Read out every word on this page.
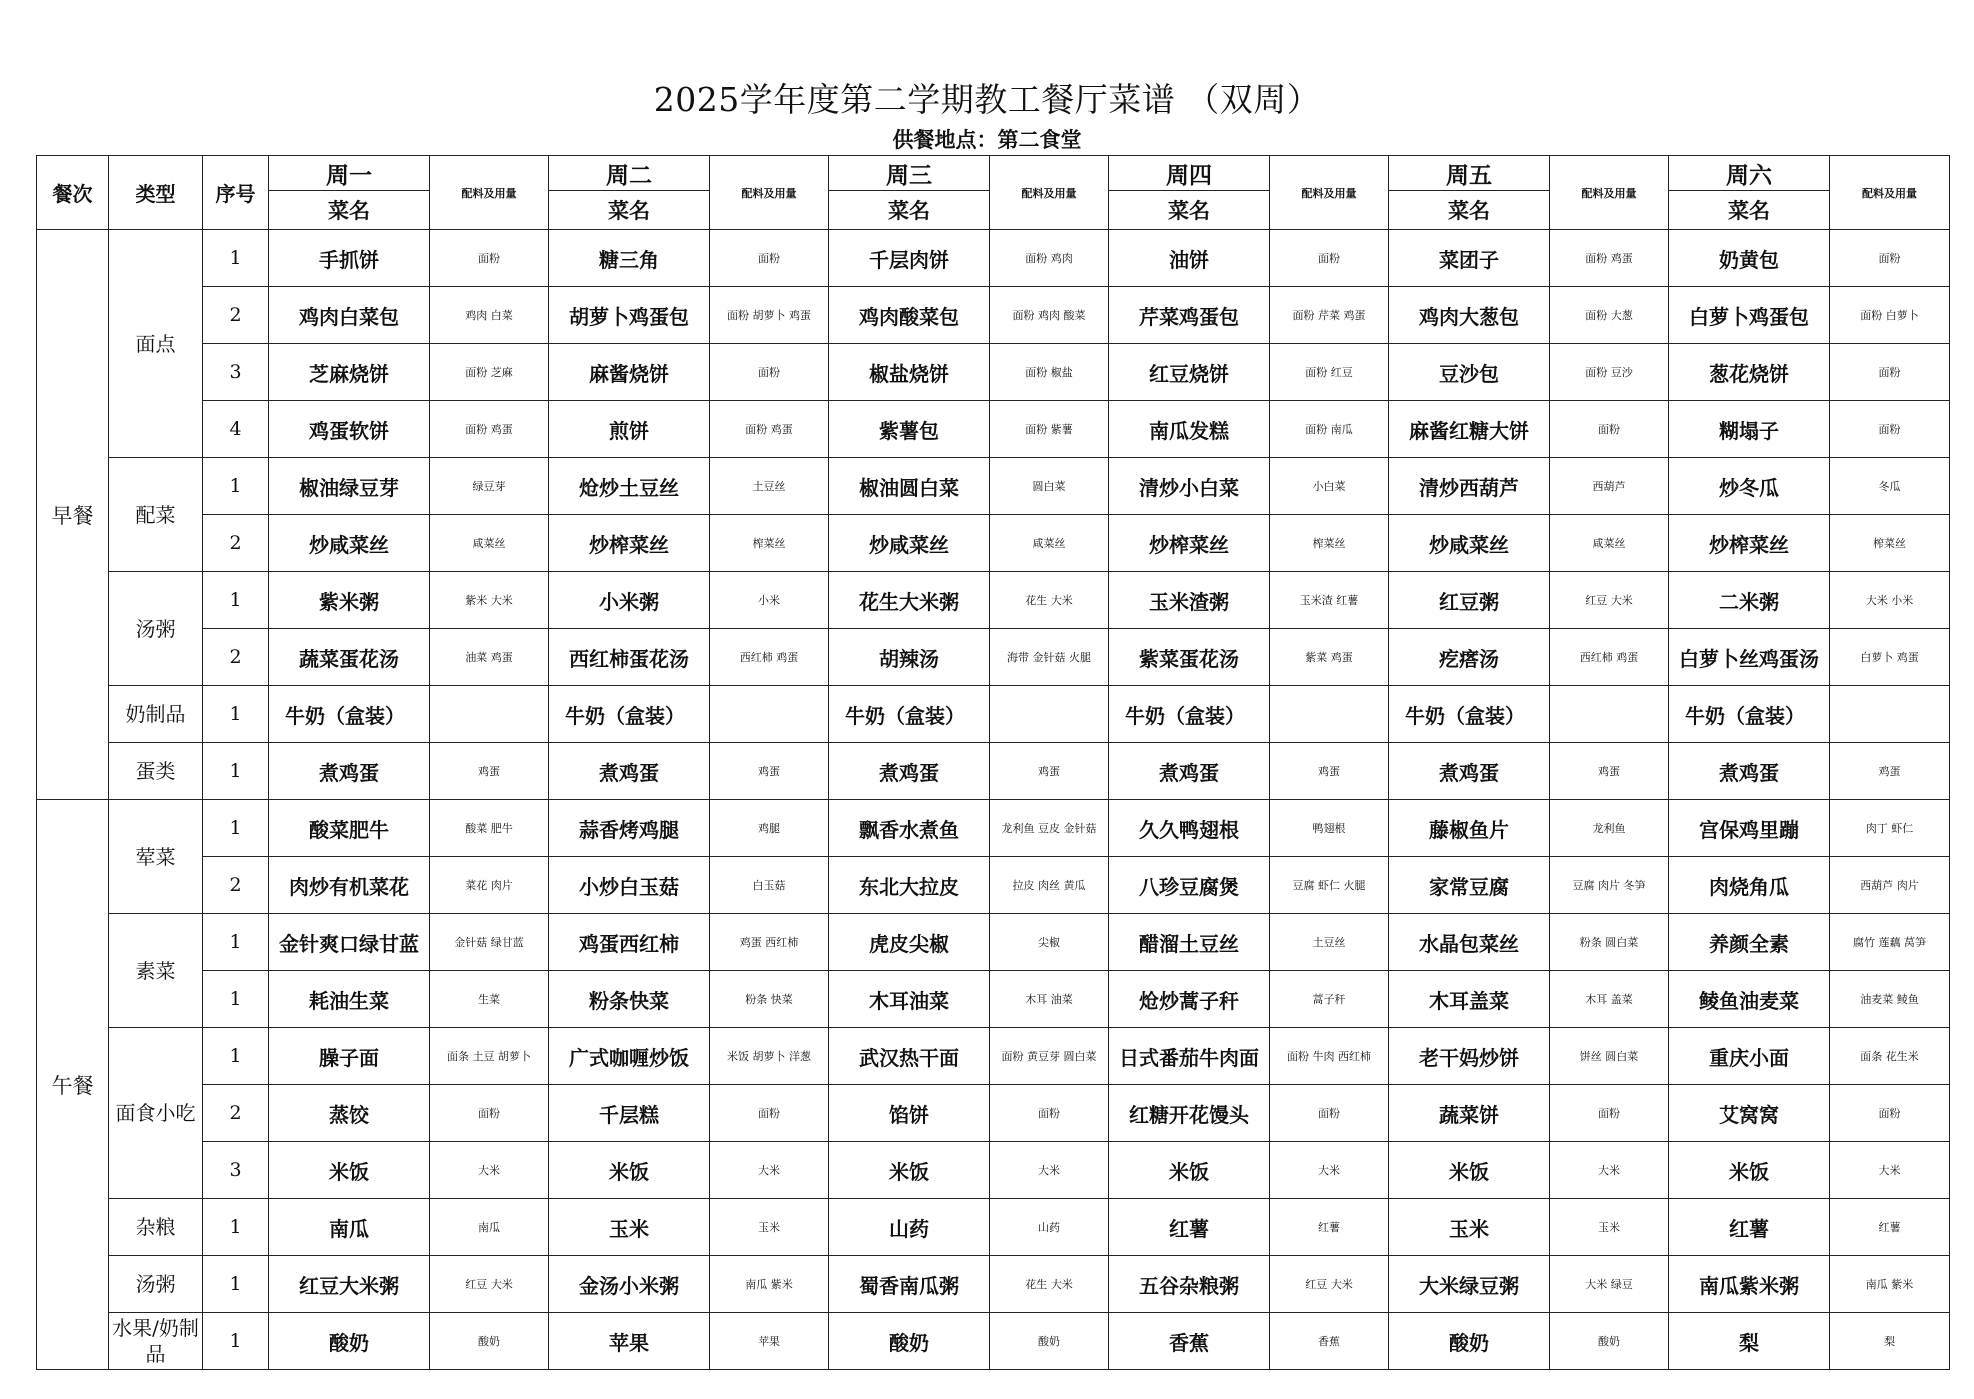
2025学年度第二学期教工餐厅菜谱 （双周）
供餐地点：第二食堂
餐次	类型	序号	周一	配料及用量	周二	配料及用量	周三	配料及用量	周四	配料及用量	周五	配料及用量	周六	配料及用量
			菜名		菜名		菜名		菜名		菜名		菜名	
早餐	面点	1	手抓饼	面粉	糖三角	面粉	千层肉饼	面粉 鸡肉	油饼	面粉	菜团子	面粉 鸡蛋	奶黄包	面粉
		2	鸡肉白菜包	鸡肉 白菜	胡萝卜鸡蛋包	面粉 胡萝卜 鸡蛋	鸡肉酸菜包	面粉 鸡肉 酸菜	芹菜鸡蛋包	面粉 芹菜 鸡蛋	鸡肉大葱包	面粉 大葱	白萝卜鸡蛋包	面粉 白萝卜
		3	芝麻烧饼	面粉 芝麻	麻酱烧饼	面粉	椒盐烧饼	面粉 椒盐	红豆烧饼	面粉 红豆	豆沙包	面粉 豆沙	葱花烧饼	面粉
		4	鸡蛋软饼	面粉 鸡蛋	煎饼	面粉 鸡蛋	紫薯包	面粉 紫薯	南瓜发糕	面粉 南瓜	麻酱红糖大饼	面粉	糊塌子	面粉
	配菜	1	椒油绿豆芽	绿豆芽	炝炒土豆丝	土豆丝	椒油圆白菜	圆白菜	清炒小白菜	小白菜	清炒西葫芦	西葫芦	炒冬瓜	冬瓜
		2	炒咸菜丝	咸菜丝	炒榨菜丝	榨菜丝	炒咸菜丝	咸菜丝	炒榨菜丝	榨菜丝	炒咸菜丝	咸菜丝	炒榨菜丝	榨菜丝
	汤粥	1	紫米粥	紫米 大米	小米粥	小米	花生大米粥	花生 大米	玉米渣粥	玉米渣 红薯	红豆粥	红豆 大米	二米粥	大米 小米
		2	蔬菜蛋花汤	油菜 鸡蛋	西红柿蛋花汤	西红柿 鸡蛋	胡辣汤	海带 金针菇 火腿	紫菜蛋花汤	紫菜 鸡蛋	疙瘩汤	西红柿 鸡蛋	白萝卜丝鸡蛋汤	白萝卜 鸡蛋
	奶制品	1	牛奶（盒装）		牛奶（盒装）		牛奶（盒装）		牛奶（盒装）		牛奶（盒装）		牛奶（盒装）	
	蛋类	1	煮鸡蛋	鸡蛋	煮鸡蛋	鸡蛋	煮鸡蛋	鸡蛋	煮鸡蛋	鸡蛋	煮鸡蛋	鸡蛋	煮鸡蛋	鸡蛋
午餐	荤菜	1	酸菜肥牛	酸菜 肥牛	蒜香烤鸡腿	鸡腿	飘香水煮鱼	龙利鱼 豆皮 金针菇	久久鸭翅根	鸭翅根	藤椒鱼片	龙利鱼	宫保鸡里蹦	肉丁 虾仁
		2	肉炒有机菜花	菜花 肉片	小炒白玉菇	白玉菇	东北大拉皮	拉皮 肉丝 黄瓜	八珍豆腐煲	豆腐 虾仁 火腿	家常豆腐	豆腐 肉片 冬笋	肉烧角瓜	西葫芦 肉片
	素菜	1	金针爽口绿甘蓝	金针菇 绿甘蓝	鸡蛋西红柿	鸡蛋 西红柿	虎皮尖椒	尖椒	醋溜土豆丝	土豆丝	水晶包菜丝	粉条 圆白菜	养颜全素	腐竹 莲藕 莴笋
		1	耗油生菜	生菜	粉条快菜	粉条 快菜	木耳油菜	木耳 油菜	炝炒蒿子秆	蒿子秆	木耳盖菜	木耳 盖菜	鲮鱼油麦菜	油麦菜 鲮鱼
	面食小吃	1	臊子面	面条 土豆 胡萝卜	广式咖喱炒饭	米饭 胡萝卜 洋葱	武汉热干面	面粉 黄豆芽 圆白菜	日式番茄牛肉面	面粉 牛肉 西红柿	老干妈炒饼	饼丝 圆白菜	重庆小面	面条 花生米
		2	蒸饺	面粉	千层糕	面粉	馅饼	面粉	红糖开花馒头	面粉	蔬菜饼	面粉	艾窝窝	面粉
		3	米饭	大米	米饭	大米	米饭	大米	米饭	大米	米饭	大米	米饭	大米
	杂粮	1	南瓜	南瓜	玉米	玉米	山药	山药	红薯	红薯	玉米	玉米	红薯	红薯
	汤粥	1	红豆大米粥	红豆 大米	金汤小米粥	南瓜 紫米	蜀香南瓜粥	花生 大米	五谷杂粮粥	红豆 大米	大米绿豆粥	大米 绿豆	南瓜紫米粥	南瓜 紫米
	水果/奶制品	1	酸奶	酸奶	苹果	苹果	酸奶	酸奶	香蕉	香蕉	酸奶	酸奶	梨	梨
